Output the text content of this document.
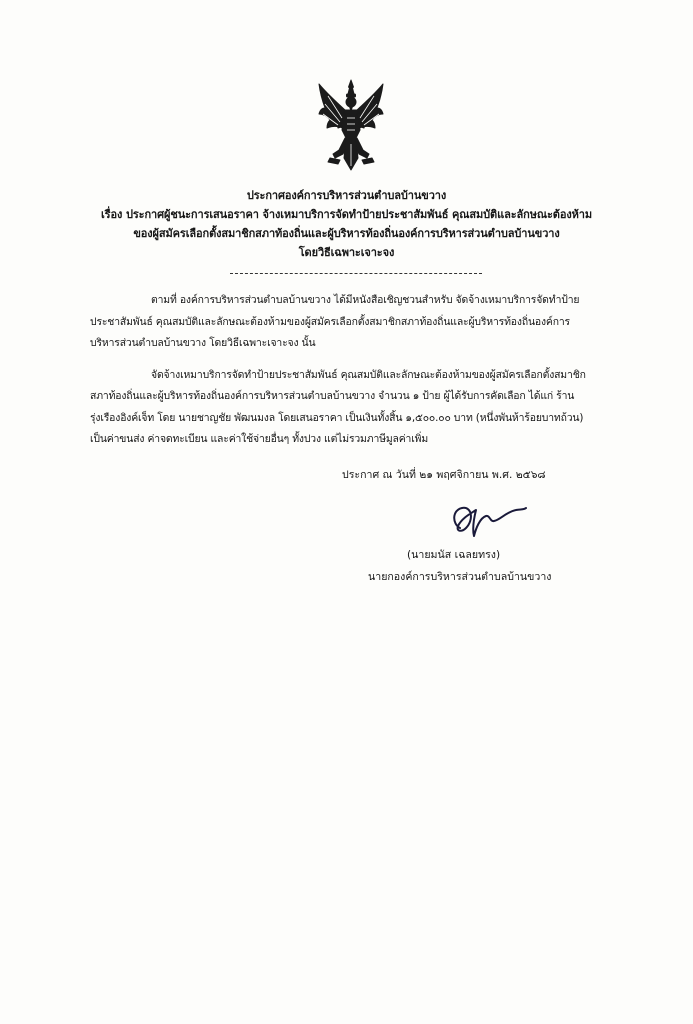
ประกาศองค์การบริหารส่วนตำบลบ้านขวาง
เรื่อง ประกาศผู้ชนะการเสนอราคา จ้างเหมาบริการจัดทำป้ายประชาสัมพันธ์ คุณสมบัติและลักษณะต้องห้าม
ของผู้สมัครเลือกตั้งสมาชิกสภาท้องถิ่นและผู้บริหารท้องถิ่นองค์การบริหารส่วนตำบลบ้านขวาง
โดยวิธีเฉพาะเจาะจง
ตามที่ องค์การบริหารส่วนตำบลบ้านขวาง ได้มีหนังสือเชิญชวนสำหรับ จัดจ้างเหมาบริการจัดทำป้าย
ประชาสัมพันธ์ คุณสมบัติและลักษณะต้องห้ามของผู้สมัครเลือกตั้งสมาชิกสภาท้องถิ่นและผู้บริหารท้องถิ่นองค์การ
บริหารส่วนตำบลบ้านขวาง โดยวิธีเฉพาะเจาะจง นั้น
จัดจ้างเหมาบริการจัดทำป้ายประชาสัมพันธ์ คุณสมบัติและลักษณะต้องห้ามของผู้สมัครเลือกตั้งสมาชิก
สภาท้องถิ่นและผู้บริหารท้องถิ่นองค์การบริหารส่วนตำบลบ้านขวาง จำนวน ๑ ป้าย ผู้ได้รับการคัดเลือก ได้แก่ ร้าน
รุ่งเรืองอิงค์เจ็ท โดย นายชาญชัย พัฒนมงล โดยเสนอราคา เป็นเงินทั้งสิ้น ๑,๕๐๐.๐๐ บาท (หนึ่งพันห้าร้อยบาทถ้วน)
เป็นค่าขนส่ง ค่าจดทะเบียน และค่าใช้จ่ายอื่นๆ ทั้งปวง แต่ไม่รวมภาษีมูลค่าเพิ่ม
ประกาศ ณ วันที่ ๒๑ พฤศจิกายน พ.ศ. ๒๕๖๘
(นายมนัส เฉลยทรง)
นายกองค์การบริหารส่วนตำบลบ้านขวาง
